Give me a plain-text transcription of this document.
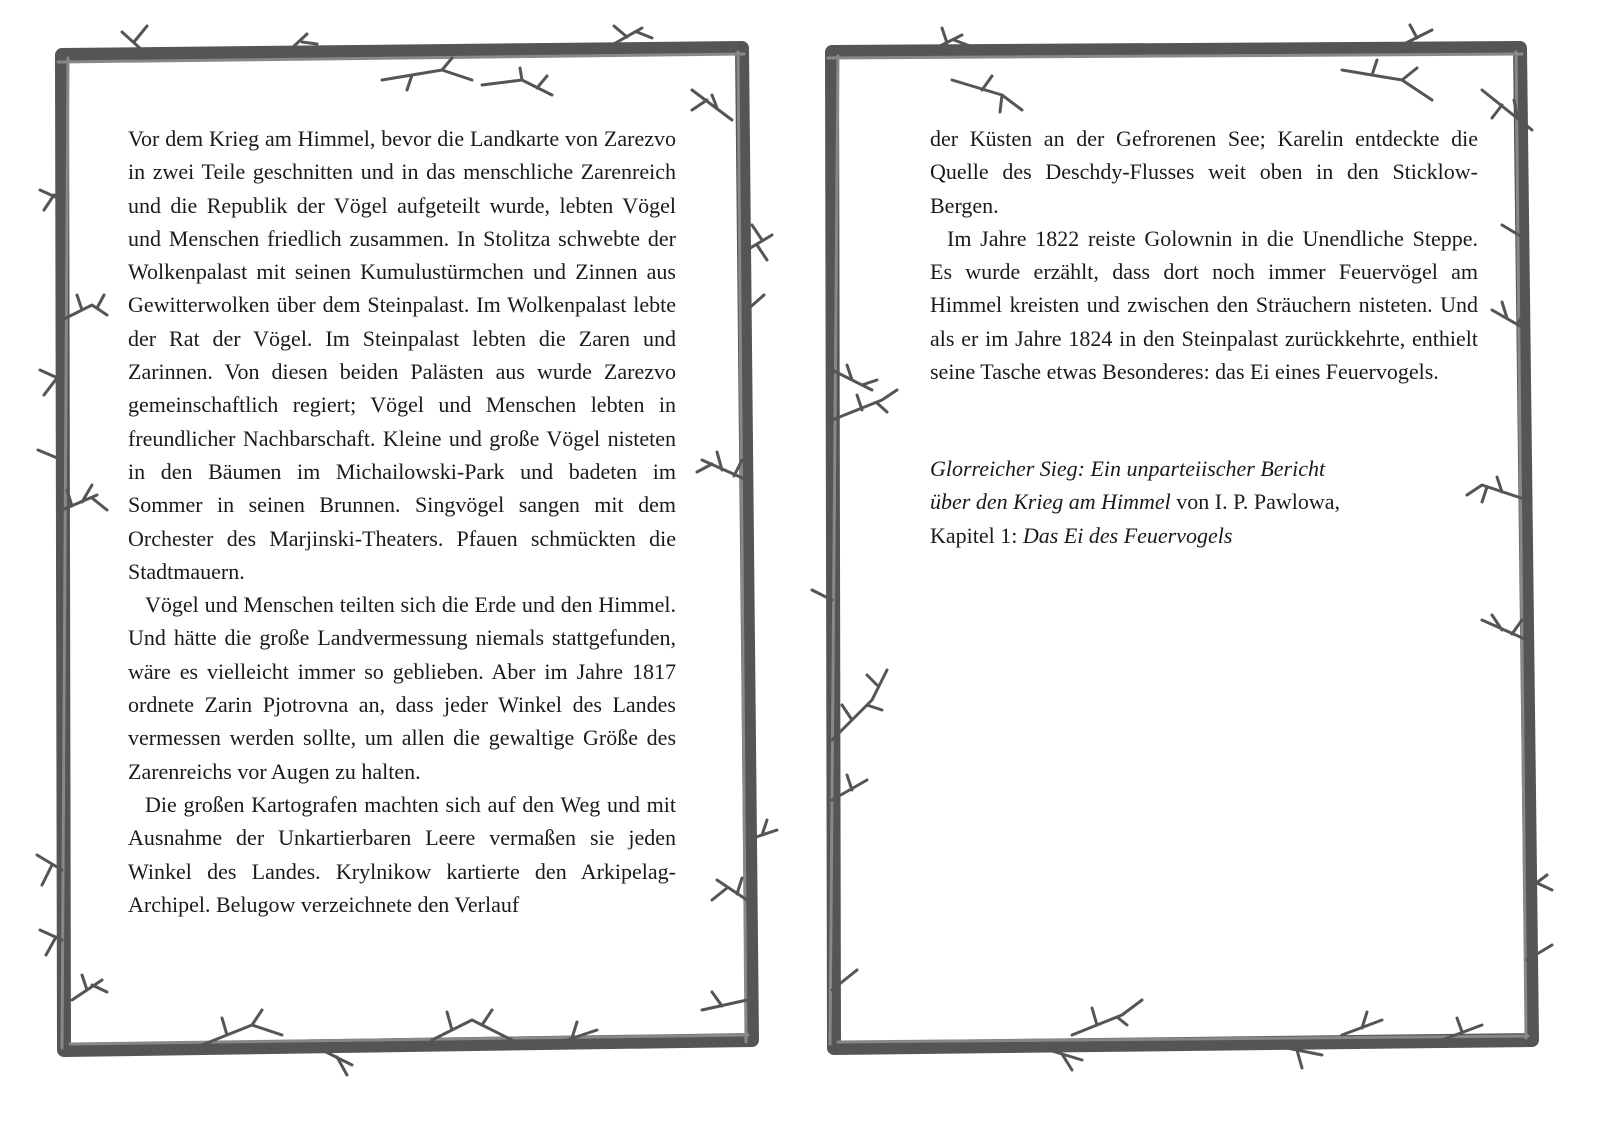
Vor dem Krieg am Himmel, bevor die Landkarte von Zarezvo in zwei Teile geschnitten und in das menschliche Zarenreich und die Republik der Vögel aufgeteilt wurde, lebten Vögel und Menschen friedlich zusammen. In Stolitza schwebte der Wolkenpalast mit seinen Kumulustürmchen und Zinnen aus Gewitterwolken über dem Steinpalast. Im Wolkenpalast lebte der Rat der Vögel. Im Steinpalast lebten die Zaren und Zarinnen. Von diesen beiden Palästen aus wurde Zarezvo gemeinschaftlich regiert; Vögel und Menschen lebten in freundlicher Nachbarschaft. Kleine und große Vögel nisteten in den Bäumen im Michailowski-Park und badeten im Sommer in seinen Brunnen. Singvögel sangen mit dem Orchester des Marjinski-Theaters. Pfauen schmückten die Stadtmauern.

Vögel und Menschen teilten sich die Erde und den Himmel. Und hätte die große Landvermessung niemals stattgefunden, wäre es vielleicht immer so geblieben. Aber im Jahre 1817 ordnete Zarin Pjotrovna an, dass jeder Winkel des Landes vermessen werden sollte, um allen die gewaltige Größe des Zarenreichs vor Augen zu halten.

Die großen Kartografen machten sich auf den Weg und mit Ausnahme der Unkartierbaren Leere vermaßen sie jeden Winkel des Landes. Krylnikow kartierte den Arkipelag-Archipel. Belugow verzeichnete den Verlauf

der Küsten an der Gefrorenen See; Karelin entdeckte die Quelle des Deschdy-Flusses weit oben in den Sticklow-Bergen.

Im Jahre 1822 reiste Golownin in die Unendliche Steppe. Es wurde erzählt, dass dort noch immer Feuervögel am Himmel kreisten und zwischen den Sträuchern nisteten. Und als er im Jahre 1824 in den Steinpalast zurückkehrte, enthielt seine Tasche etwas Besonderes: das Ei eines Feuervogels.

Glorreicher Sieg: Ein unparteiischer Bericht
über den Krieg am Himmel von I. P. Pawlowa,
Kapitel 1: Das Ei des Feuervogels
